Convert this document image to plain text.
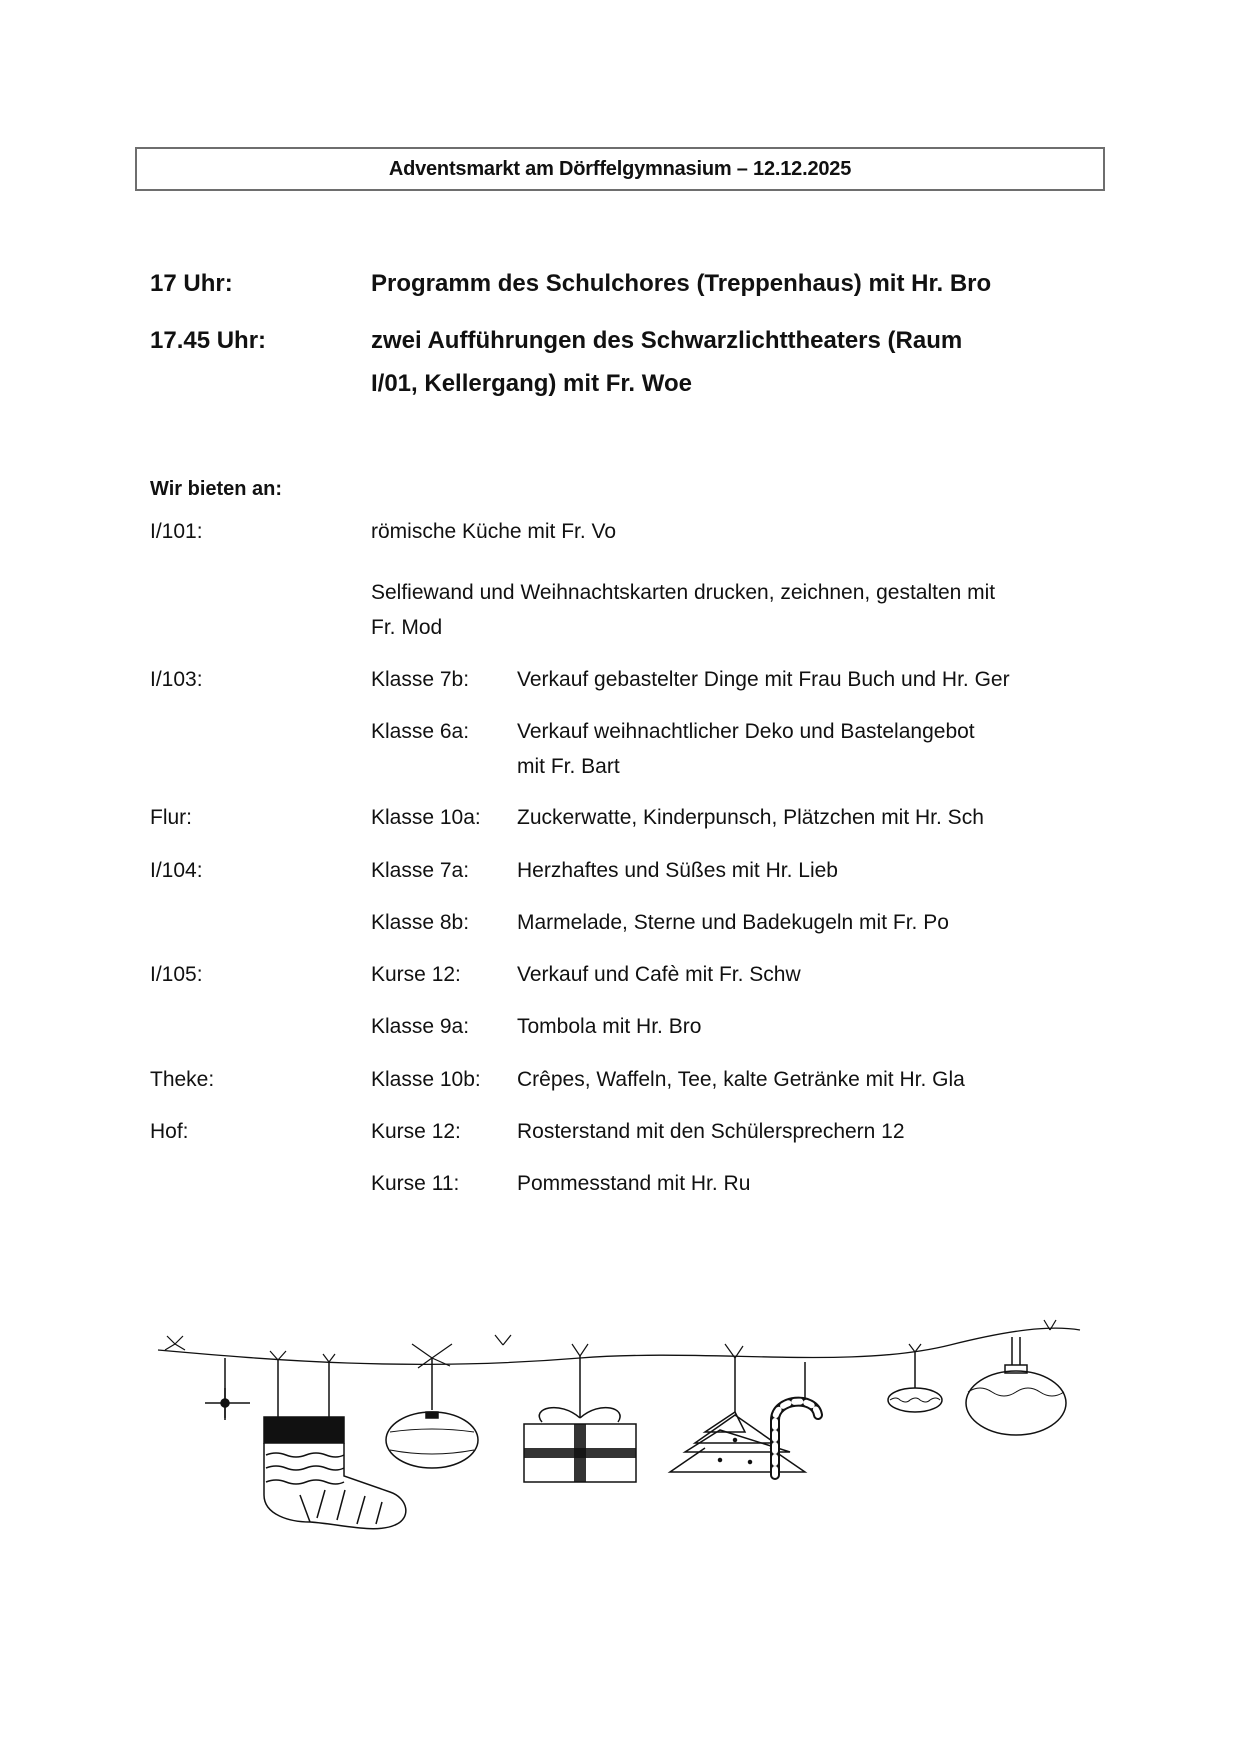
Adventsmarkt am Dörffelgymnasium – 12.12.2025
17 Uhr:	Programm des Schulchores (Treppenhaus) mit Hr. Bro
17.45 Uhr:	zwei Aufführungen des Schwarzlichttheaters (Raum
I/01, Kellergang) mit Fr. Woe
Wir bieten an:
I/101:	römische Küche mit Fr. Vo
Selfiewand und Weihnachtskarten drucken, zeichnen, gestalten mit
Fr. Mod
I/103:	Klasse 7b: Verkauf gebastelter Dinge mit Frau Buch und Hr. Ger
Klasse 6a: Verkauf weihnachtlicher Deko und Bastelangebot
mit Fr. Bart
Flur:	Klasse 10a: Zuckerwatte, Kinderpunsch, Plätzchen mit Hr. Sch
I/104:	Klasse 7a: Herzhaftes und Süßes mit Hr. Lieb
Klasse 8b: Marmelade, Sterne und Badekugeln mit Fr. Po
I/105:	Kurse 12:	Verkauf und Cafè mit Fr. Schw
Klasse 9a: Tombola mit Hr. Bro
Theke:	Klasse 10b: Crêpes, Waffeln, Tee, kalte Getränke mit Hr. Gla
Hof:	Kurse 12:	Rosterstand mit den Schülersprechern 12
Kurse 11:	Pommesstand mit Hr. Ru
